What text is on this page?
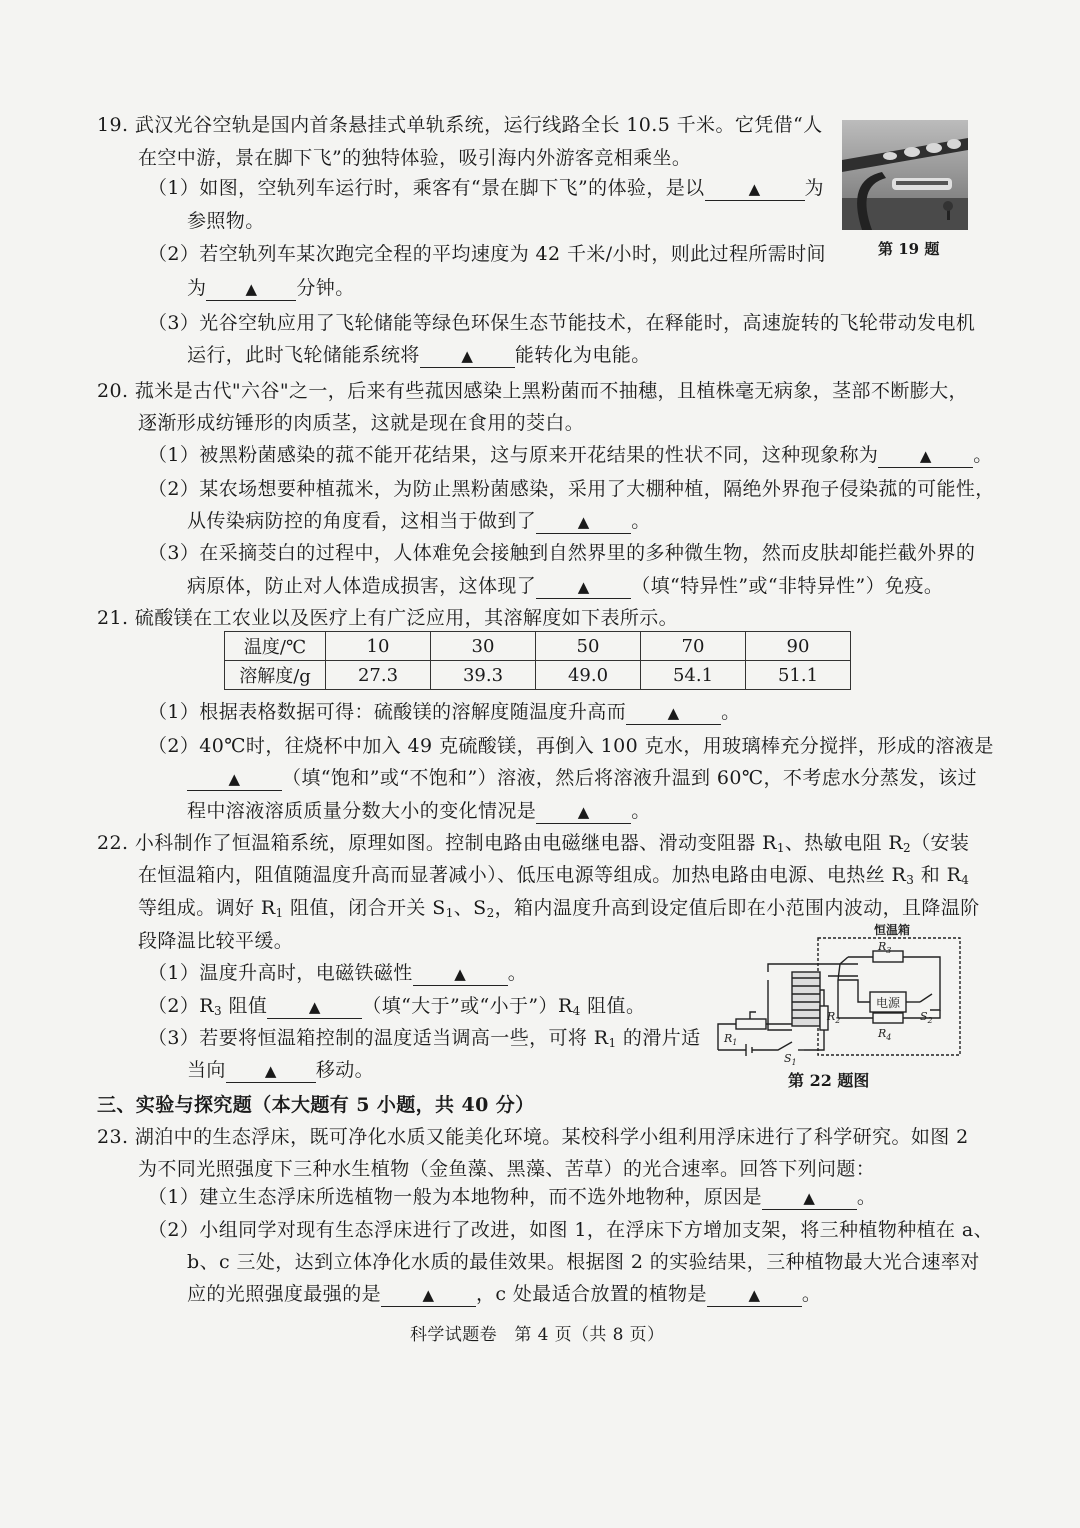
19. 武汉光谷空轨是国内首条悬挂式单轨系统，运行线路全长 10.5 千米。它凭借“人
在空中游，景在脚下飞”的独特体验，吸引海内外游客竞相乘坐。
（1）如图，空轨列车运行时，乘客有“景在脚下飞”的体验，是以	▲ 为
参照物。
（2）若空轨列车某次跑完全程的平均速度为 42 千米/小时，则此过程所需时间
为	▲ 分钟。
（3）光谷空轨应用了飞轮储能等绿色环保生态节能技术，在释能时，高速旋转的飞轮带动发电机
运行，此时飞轮储能系统将	▲ 能转化为电能。
第 19 题
20. 菰米是古代"六谷"之一，后来有些菰因感染上黑粉菌而不抽穗，且植株毫无病象，茎部不断膨大，
逐渐形成纺锤形的肉质茎，这就是现在食用的茭白。
（1）被黑粉菌感染的菰不能开花结果，这与原来开花结果的性状不同，这种现象称为	▲ 。
（2）某农场想要种植菰米，为防止黑粉菌感染，采用了大棚种植，隔绝外界孢子侵染菰的可能性，
从传染病防控的角度看，这相当于做到了	▲ 。
（3）在采摘茭白的过程中，人体难免会接触到自然界里的多种微生物，然而皮肤却能拦截外界的
病原体，防止对人体造成损害，这体现了	▲ （填“特异性”或“非特异性”）免疫。
21. 硫酸镁在工农业以及医疗上有广泛应用，其溶解度如下表所示。
温度/℃	10	30	50	70	90
溶解度/g	27.3	39.3	49.0	54.1	51.1
（1）根据表格数据可得：硫酸镁的溶解度随温度升高而	▲ 。
（2）40℃时，往烧杯中加入 49 克硫酸镁，再倒入 100 克水，用玻璃棒充分搅拌，形成的溶液是
▲ （填“饱和”或“不饱和”）溶液，然后将溶液升温到 60℃，不考虑水分蒸发，该过
程中溶液溶质质量分数大小的变化情况是	▲ 。
22. 小科制作了恒温箱系统，原理如图。控制电路由电磁继电器、滑动变阻器 $R_1$、热敏电阻 $R_2$（安装
在恒温箱内，阻值随温度升高而显著减小）、低压电源等组成。加热电路由电源、电热丝 $R_3$ 和 $R_4$
等组成。调好 $R_1$ 阻值，闭合开关 $S_1$、$S_2$，箱内温度升高到设定值后即在小范围内波动，且降温阶
段降温比较平缓。
（1）温度升高时，电磁铁磁性	▲ 。
$(2)R_3$ 阻值	▲ （填“大于”或“小于$”)R_4$ 阻值。
（3）若要将恒温箱控制的温度适当调高一些，可将 $R_1$ 的滑片适
当向	▲ 移动。
恒温箱
电源
$R_3$
$R_4$
$R_2$
$R_1$
$S_1$
$S_2$
第 22 题图
三、实验与探究题（本大题有 5 小题，共 40 分）
23. 湖泊中的生态浮床，既可净化水质又能美化环境。某校科学小组利用浮床进行了科学研究。如图 2
为不同光照强度下三种水生植物（金鱼藻、黑藻、苦草）的光合速率。回答下列问题：
（1）建立生态浮床所选植物一般为本地物种，而不选外地物种，原因是	▲ 。
（2）小组同学对现有生态浮床进行了改进，如图 1，在浮床下方增加支架，将三种植物种植在 a、
b、c 三处，达到立体净化水质的最佳效果。根据图 2 的实验结果，三种植物最大光合速率对
应的光照强度最强的是	▲ ，c 处最适合放置的植物是	▲ 。
科学试题卷　第 4 页（共 8 页）
